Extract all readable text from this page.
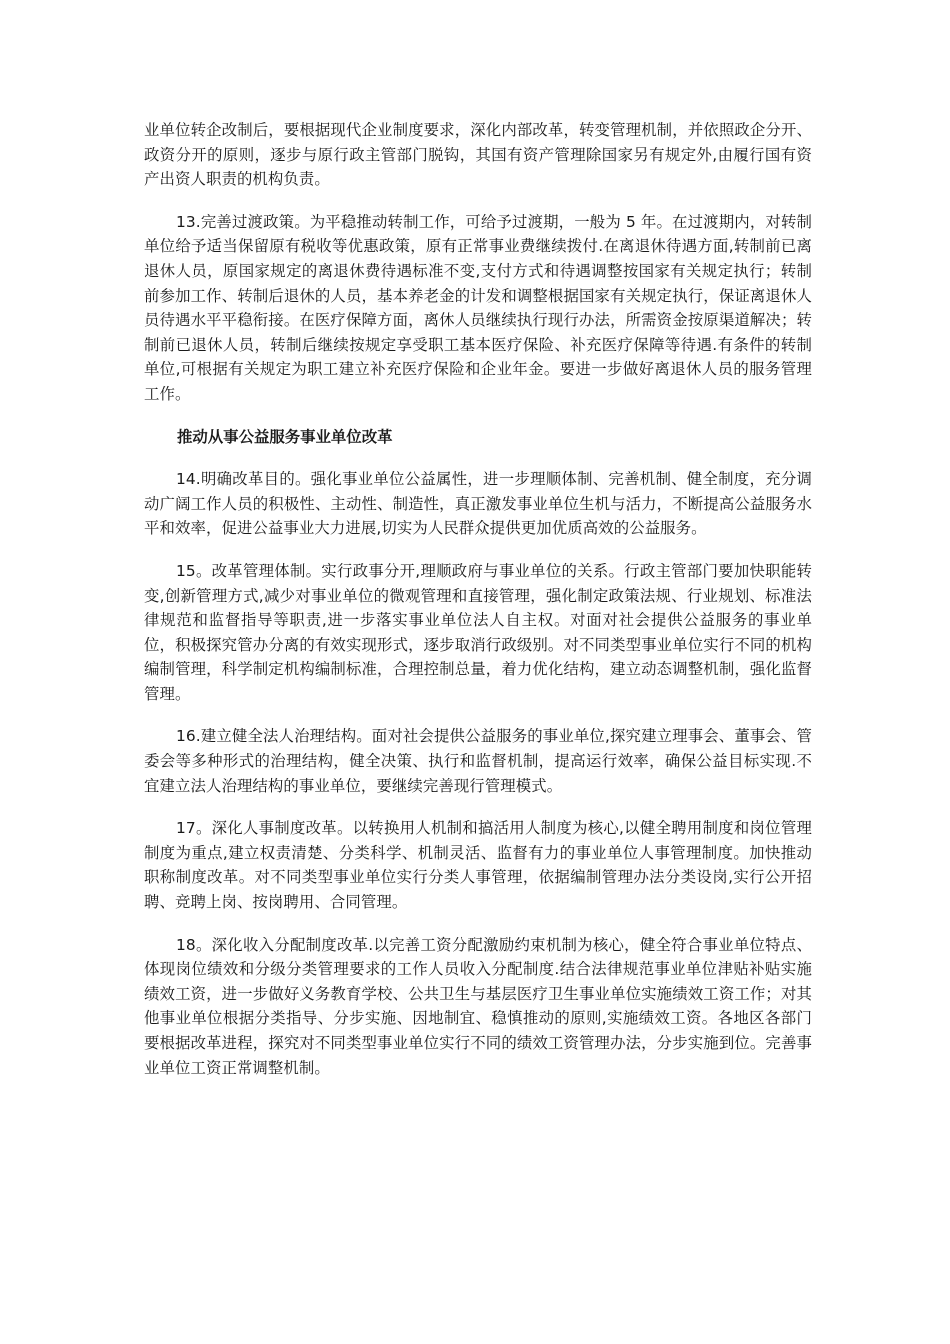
业单位转企改制后，要根据现代企业制度要求，深化内部改革，转变管理机制，并依照政企分开、政资分开的原则，逐步与原行政主管部门脱钩，其国有资产管理除国家另有规定外,由履行国有资产出资人职责的机构负责。

13.完善过渡政策。为平稳推动转制工作，可给予过渡期，一般为 5 年。在过渡期内，对转制单位给予适当保留原有税收等优惠政策，原有正常事业费继续拨付.在离退休待遇方面,转制前已离退休人员，原国家规定的离退休费待遇标准不变,支付方式和待遇调整按国家有关规定执行；转制前参加工作、转制后退休的人员，基本养老金的计发和调整根据国家有关规定执行，保证离退休人员待遇水平平稳衔接。在医疗保障方面，离休人员继续执行现行办法，所需资金按原渠道解决；转制前已退休人员，转制后继续按规定享受职工基本医疗保险、补充医疗保障等待遇.有条件的转制单位,可根据有关规定为职工建立补充医疗保险和企业年金。要进一步做好离退休人员的服务管理工作。

推动从事公益服务事业单位改革

14.明确改革目的。强化事业单位公益属性，进一步理顺体制、完善机制、健全制度，充分调动广阔工作人员的积极性、主动性、制造性，真正激发事业单位生机与活力，不断提高公益服务水平和效率，促进公益事业大力进展,切实为人民群众提供更加优质高效的公益服务。

15。改革管理体制。实行政事分开,理顺政府与事业单位的关系。行政主管部门要加快职能转变,创新管理方式,减少对事业单位的微观管理和直接管理，强化制定政策法规、行业规划、标准法律规范和监督指导等职责,进一步落实事业单位法人自主权。对面对社会提供公益服务的事业单位，积极探究管办分离的有效实现形式，逐步取消行政级别。对不同类型事业单位实行不同的机构编制管理，科学制定机构编制标准，合理控制总量，着力优化结构，建立动态调整机制，强化监督管理。

16.建立健全法人治理结构。面对社会提供公益服务的事业单位,探究建立理事会、董事会、管委会等多种形式的治理结构，健全决策、执行和监督机制，提高运行效率，确保公益目标实现.不宜建立法人治理结构的事业单位，要继续完善现行管理模式。

17。深化人事制度改革。以转换用人机制和搞活用人制度为核心,以健全聘用制度和岗位管理制度为重点,建立权责清楚、分类科学、机制灵活、监督有力的事业单位人事管理制度。加快推动职称制度改革。对不同类型事业单位实行分类人事管理，依据编制管理办法分类设岗,实行公开招聘、竞聘上岗、按岗聘用、合同管理。

18。深化收入分配制度改革.以完善工资分配激励约束机制为核心，健全符合事业单位特点、体现岗位绩效和分级分类管理要求的工作人员收入分配制度.结合法律规范事业单位津贴补贴实施绩效工资，进一步做好义务教育学校、公共卫生与基层医疗卫生事业单位实施绩效工资工作；对其他事业单位根据分类指导、分步实施、因地制宜、稳慎推动的原则,实施绩效工资。各地区各部门要根据改革进程，探究对不同类型事业单位实行不同的绩效工资管理办法，分步实施到位。完善事业单位工资正常调整机制。
